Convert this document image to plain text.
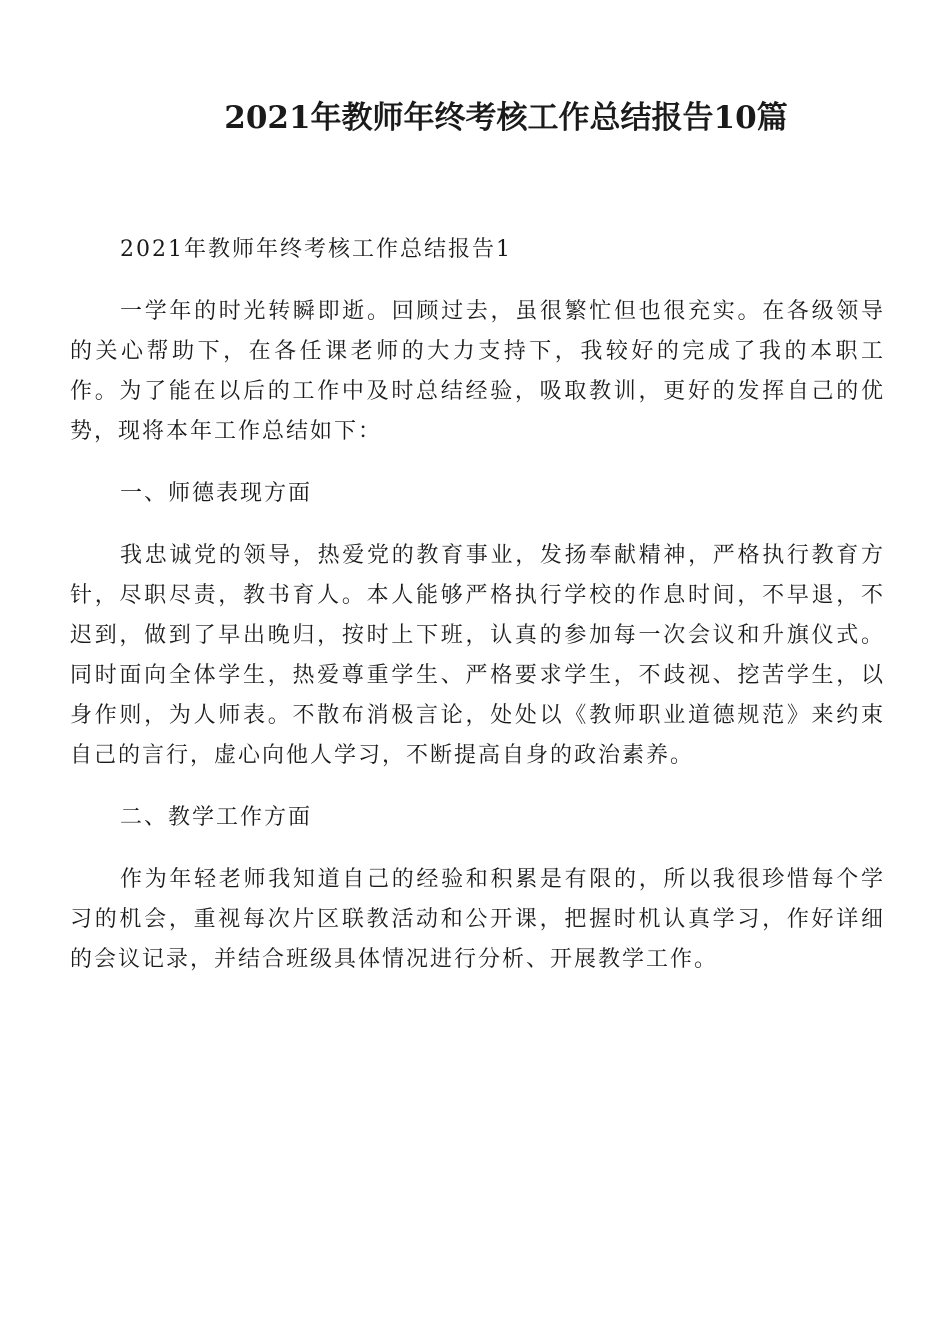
2021年教师年终考核工作总结报告10篇

2021年教师年终考核工作总结报告1

一学年的时光转瞬即逝。回顾过去，虽很繁忙但也很充实。在各级领导的关心帮助下，在各任课老师的大力支持下，我较好的完成了我的本职工作。为了能在以后的工作中及时总结经验，吸取教训，更好的发挥自己的优势，现将本年工作总结如下：

一、师德表现方面

我忠诚党的领导，热爱党的教育事业，发扬奉献精神，严格执行教育方针，尽职尽责，教书育人。本人能够严格执行学校的作息时间，不早退，不迟到，做到了早出晚归，按时上下班，认真的参加每一次会议和升旗仪式。同时面向全体学生，热爱尊重学生、严格要求学生，不歧视、挖苦学生，以身作则，为人师表。不散布消极言论，处处以《教师职业道德规范》来约束自己的言行，虚心向他人学习，不断提高自身的政治素养。

二、教学工作方面

作为年轻老师我知道自己的经验和积累是有限的，所以我很珍惜每个学习的机会，重视每次片区联教活动和公开课，把握时机认真学习，作好详细的会议记录，并结合班级具体情况进行分析、开展教学工作。
